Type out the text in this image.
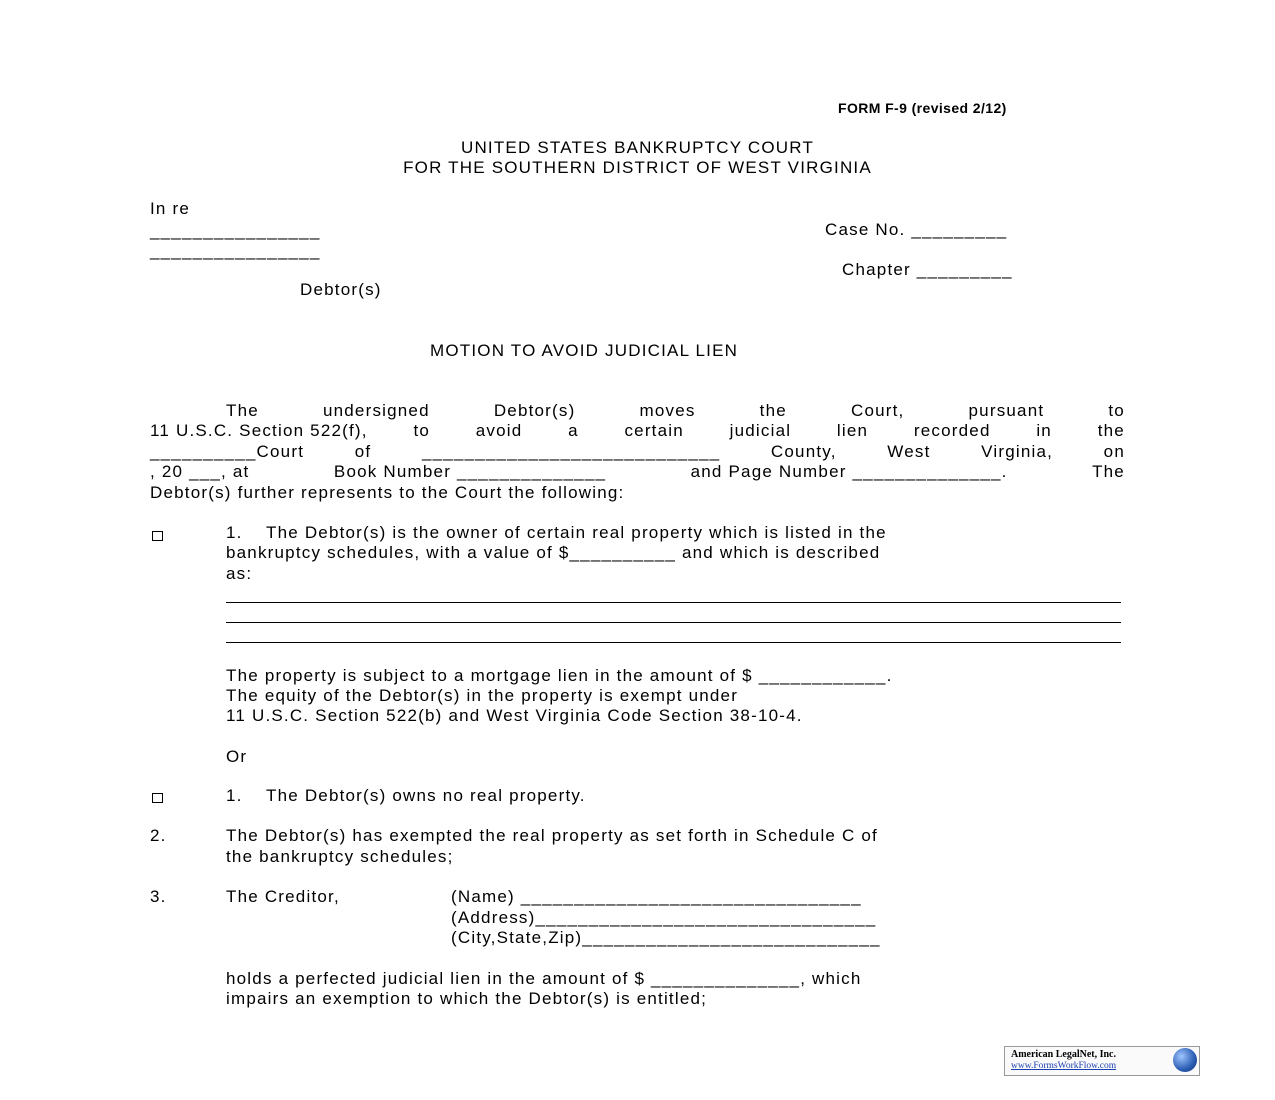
FORM F-9 (revised 2/12)
UNITED STATES BANKRUPTCY COURT
FOR THE SOUTHERN DISTRICT OF WEST VIRGINIA
In re
________________
________________
Debtor(s)
Case No. _________
Chapter _________
MOTION TO AVOID JUDICIAL LIEN
The	undersigned	Debtor(s)	moves	the	Court,	pursuant	to
11 U.S.C. Section 522(f),	to	avoid	a	certain	judicial	lien	recorded	in	the
__________Court	of	____________________________	County,	West	Virginia,	on
, 20 ___, at	Book Number ______________	and Page Number ______________.	The
Debtor(s) further represents to the Court the following:
1. The Debtor(s) is the owner of certain real property which is listed in the
bankruptcy schedules, with a value of $__________ and which is described
as:
The property is subject to a mortgage lien in the amount of $ ____________.
The equity of the Debtor(s) in the property is exempt under
11 U.S.C. Section 522(b) and West Virginia Code Section 38-10-4.
Or
1. The Debtor(s) owns no real property.
2.	The Debtor(s) has exempted the real property as set forth in Schedule C of
the bankruptcy schedules;
3.	The Creditor,	(Name) ________________________________
(Address)________________________________
(City,State,Zip)____________________________
holds a perfected judicial lien in the amount of $ ______________, which
impairs an exemption to which the Debtor(s) is entitled;
American LegalNet, Inc.
www.FormsWorkFlow.com
